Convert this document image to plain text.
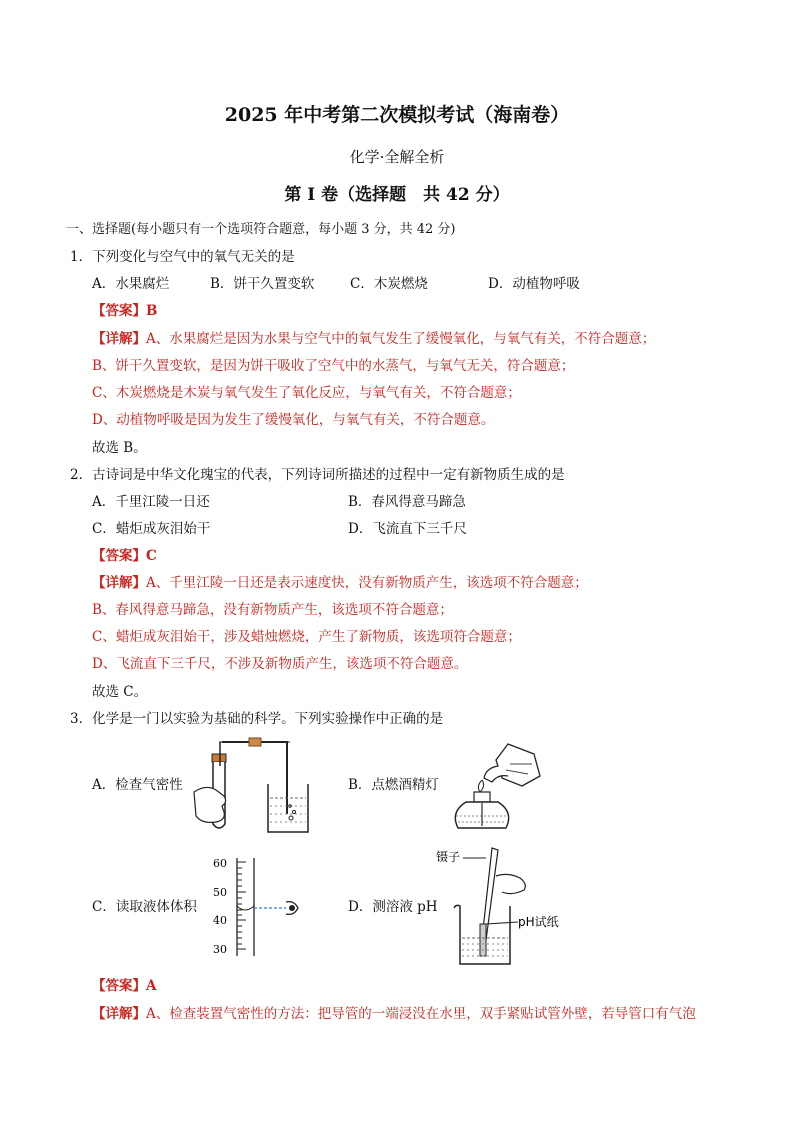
2025 年中考第二次模拟考试（海南卷）
化学·全解全析
第 I 卷（选择题　共 42 分）
一、选择题(每小题只有一个选项符合题意，每小题 3 分，共 42 分)
1．下列变化与空气中的氧气无关的是
A．水果腐烂	B．饼干久置变软	C．木炭燃烧	D．动植物呼吸
【答案】B
【详解】A、水果腐烂是因为水果与空气中的氧气发生了缓慢氧化，与氧气有关，不符合题意；
B、饼干久置变软，是因为饼干吸收了空气中的水蒸气，与氧气无关，符合题意；
C、木炭燃烧是木炭与氧气发生了氧化反应，与氧气有关，不符合题意；
D、动植物呼吸是因为发生了缓慢氧化，与氧气有关，不符合题意。
故选 B。
2．古诗词是中华文化瑰宝的代表，下列诗词所描述的过程中一定有新物质生成的是
A．千里江陵一日还	B．春风得意马蹄急
C．蜡炬成灰泪始干	D．飞流直下三千尺
【答案】C
【详解】A、千里江陵一日还是表示速度快，没有新物质产生，该选项不符合题意；
B、春风得意马蹄急，没有新物质产生，该选项不符合题意；
C、蜡炬成灰泪始干，涉及蜡烛燃烧，产生了新物质，该选项符合题意；
D、飞流直下三千尺，不涉及新物质产生，该选项不符合题意。
故选 C。
3．化学是一门以实验为基础的科学。下列实验操作中正确的是
A．检查气密性	B．点燃酒精灯
C．读取液体体积	D．测溶液 pH
60
50
40
30
镊子
pH试纸
【答案】A
【详解】A、检查装置气密性的方法：把导管的一端浸没在水里，双手紧贴试管外壁，若导管口有气泡
